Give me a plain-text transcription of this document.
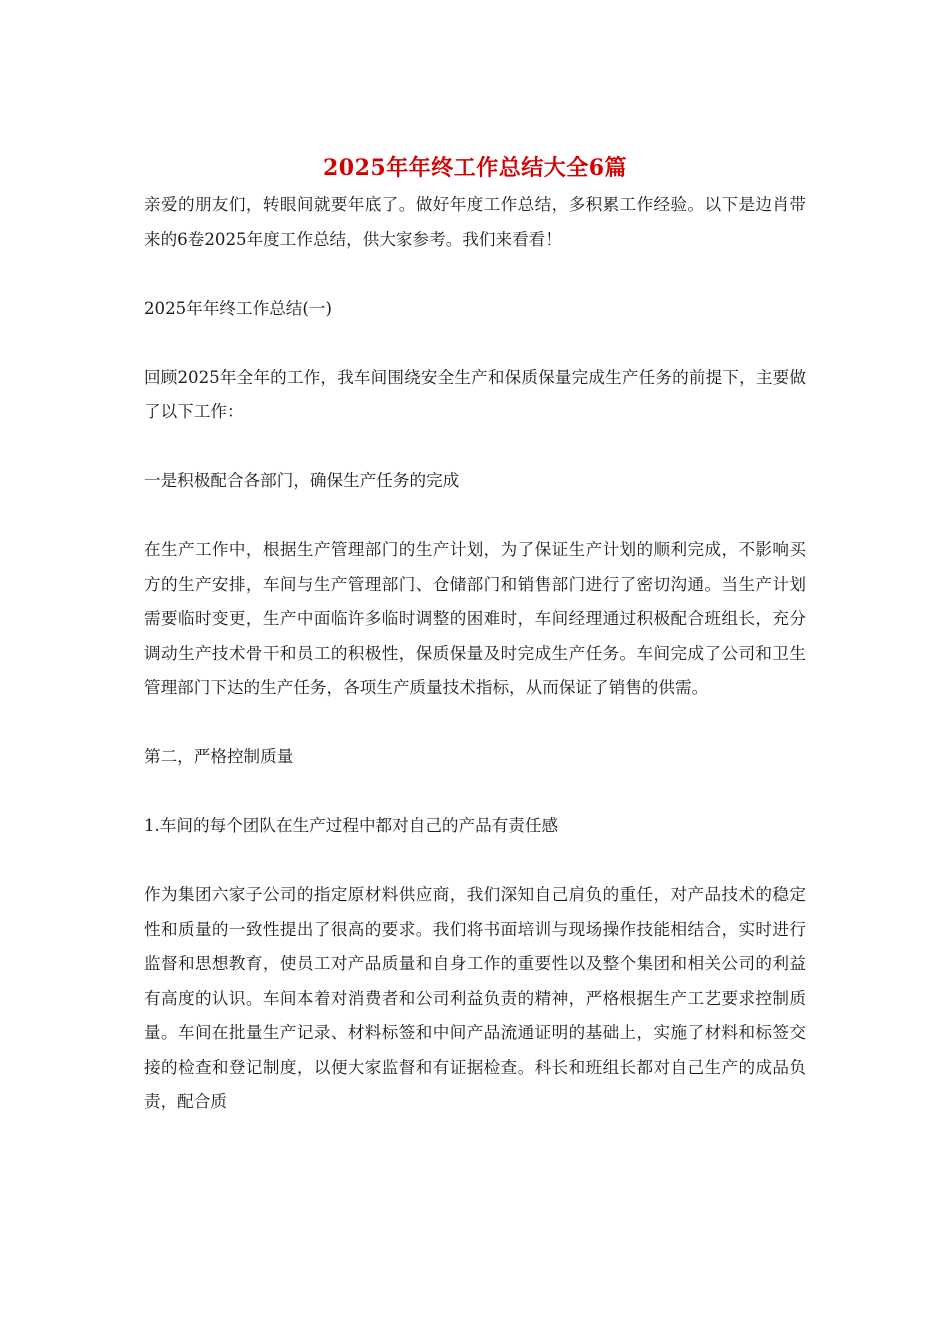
2025年年终工作总结大全6篇

亲爱的朋友们，转眼间就要年底了。做好年度工作总结，多积累工作经验。以下是边肖带来的6卷2025年度工作总结，供大家参考。我们来看看！

2025年年终工作总结(一)

回顾2025年全年的工作，我车间围绕安全生产和保质保量完成生产任务的前提下，主要做了以下工作：

一是积极配合各部门，确保生产任务的完成

在生产工作中，根据生产管理部门的生产计划，为了保证生产计划的顺利完成，不影响买方的生产安排，车间与生产管理部门、仓储部门和销售部门进行了密切沟通。当生产计划需要临时变更，生产中面临许多临时调整的困难时，车间经理通过积极配合班组长，充分调动生产技术骨干和员工的积极性，保质保量及时完成生产任务。车间完成了公司和卫生管理部门下达的生产任务，各项生产质量技术指标，从而保证了销售的供需。

第二，严格控制质量

1.车间的每个团队在生产过程中都对自己的产品有责任感

作为集团六家子公司的指定原材料供应商，我们深知自己肩负的重任，对产品技术的稳定性和质量的一致性提出了很高的要求。我们将书面培训与现场操作技能相结合，实时进行监督和思想教育，使员工对产品质量和自身工作的重要性以及整个集团和相关公司的利益有高度的认识。车间本着对消费者和公司利益负责的精神，严格根据生产工艺要求控制质量。车间在批量生产记录、材料标签和中间产品流通证明的基础上，实施了材料和标签交接的检查和登记制度，以便大家监督和有证据检查。科长和班组长都对自己生产的成品负责，配合质
